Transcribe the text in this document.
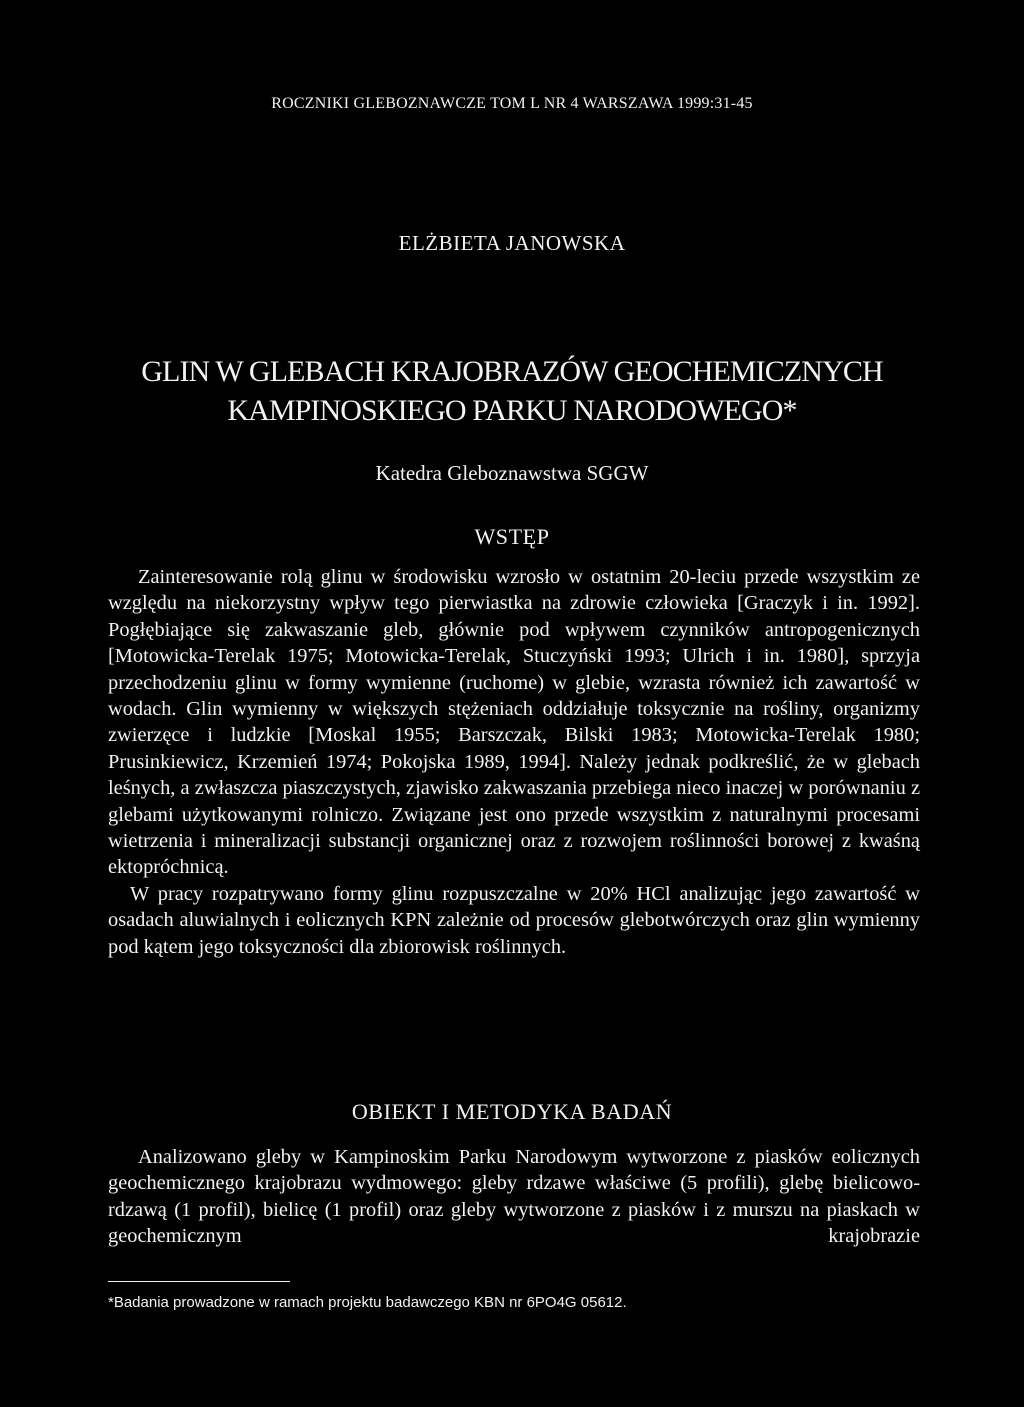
ROCZNIKI GLEBOZNAWCZE TOM L NR 4 WARSZAWA 1999:31-45
ELŻBIETA JANOWSKA
GLIN W GLEBACH KRAJOBRAZÓW GEOCHEMICZNYCH
KAMPINOSKIEGO PARKU NARODOWEGO*
Katedra Gleboznawstwa SGGW
WSTĘP

Zainteresowanie rolą glinu w środowisku wzrosło w ostatnim 20-leciu przede wszystkim ze względu na niekorzystny wpływ tego pierwiastka na zdrowie człowieka [Graczyk i in. 1992]. Pogłębiające się zakwaszanie gleb, głównie pod wpływem czynników antropogenicznych [Motowicka-Terelak 1975; Motowicka-Terelak, Stuczyński 1993; Ulrich i in. 1980], sprzyja przechodzeniu glinu w formy wymienne (ruchome) w glebie, wzrasta również ich zawartość w wodach. Glin wymienny w większych stężeniach oddziałuje toksycznie na rośliny, organizmy zwierzęce i ludzkie [Moskal 1955; Barszczak, Bilski 1983; Motowicka-Terelak 1980; Prusinkiewicz, Krzemień 1974; Pokojska 1989, 1994]. Należy jednak podkreślić, że w glebach leśnych, a zwłaszcza piaszczystych, zjawisko zakwaszania przebiega nieco inaczej w porównaniu z glebami użytkowanymi rolniczo. Związane jest ono przede wszystkim z naturalnymi procesami wietrzenia i mineralizacji substancji organicznej oraz z rozwojem roślinności borowej z kwaśną ektopróchnicą.

W pracy rozpatrywano formy glinu rozpuszczalne w 20% HCl analizując jego zawartość w osadach aluwialnych i eolicznych KPN zależnie od procesów glebotwórczych oraz glin wymienny pod kątem jego toksyczności dla zbiorowisk roślinnych.

OBIEKT I METODYKA BADAŃ

Analizowano gleby w Kampinoskim Parku Narodowym wytworzone z piasków eolicznych geochemicznego krajobrazu wydmowego: gleby rdzawe właściwe (5 profili), glebę bielicowo-rdzawą (1 profil), bielicę (1 profil) oraz gleby wytworzone z piasków i z murszu na piaskach w geochemicznym krajobrazie

*Badania prowadzone w ramach projektu badawczego KBN nr 6PO4G 05612.
